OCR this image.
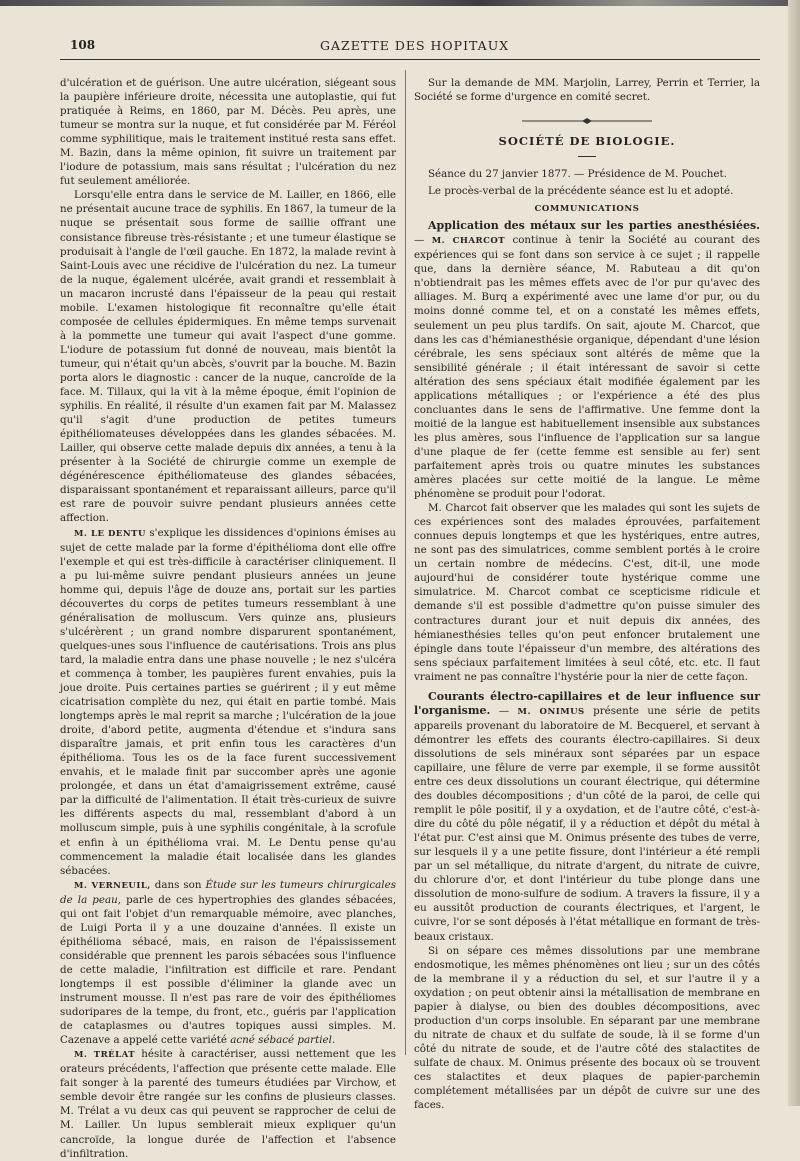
108	GAZETTE DES HOPITAUX

d'ulcération et de guérison. Une autre ulcération, siégeant sous la paupière inférieure droite, nécessita une autoplastie, qui fut pratiquée à Reims, en 1860, par M. Décès. Peu après, une tumeur se montra sur la nuque, et fut considérée par M. Féréol comme syphilitique, mais le traitement institué resta sans effet. M. Bazin, dans la même opinion, fit suivre un traitement par l'iodure de potassium, mais sans résultat ; l'ulcération du nez fut seulement améliorée.

Lorsqu'elle entra dans le service de M. Lailler, en 1866, elle ne présentait aucune trace de syphilis. En 1867, la tumeur de la nuque se présentait sous forme de saillie offrant une consistance fibreuse très-résistante ; et une tumeur élastique se produisait à l'angle de l'œil gauche. En 1872, la malade revint à Saint-Louis avec une récidive de l'ulcération du nez. La tumeur de la nuque, également ulcérée, avait grandi et ressemblait à un macaron incrusté dans l'épaisseur de la peau qui restait mobile. L'examen histologique fit reconnaître qu'elle était composée de cellules épidermiques. En même temps survenait à la pommette une tumeur qui avait l'aspect d'une gomme. L'iodure de potassium fut donné de nouveau, mais bientôt la tumeur, qui n'était qu'un abcès, s'ouvrit par la bouche. M. Bazin porta alors le diagnostic : cancer de la nuque, cancroïde de la face. M. Tillaux, qui la vit à la même époque, émit l'opinion de syphilis. En réalité, il résulte d'un examen fait par M. Malassez qu'il s'agit d'une production de petites tumeurs épithéliomateuses développées dans les glandes sébacées. M. Lailler, qui observe cette malade depuis dix années, a tenu à la présenter à la Société de chirurgie comme un exemple de dégénérescence épithéliomateuse des glandes sébacées, disparaissant spontanément et reparaissant ailleurs, parce qu'il est rare de pouvoir suivre pendant plusieurs années cette affection.

M. LE DENTU s'explique les dissidences d'opinions émises au sujet de cette malade par la forme d'épithélioma dont elle offre l'exemple et qui est très-difficile à caractériser cliniquement. Il a pu lui-même suivre pendant plusieurs années un jeune homme qui, depuis l'âge de douze ans, portait sur les parties découvertes du corps de petites tumeurs ressemblant à une généralisation de molluscum. Vers quinze ans, plusieurs s'ulcérèrent ; un grand nombre disparurent spontanément, quelques-unes sous l'influence de cautérisations. Trois ans plus tard, la maladie entra dans une phase nouvelle ; le nez s'ulcéra et commença à tomber, les paupières furent envahies, puis la joue droite. Puis certaines parties se guérirent ; il y eut même cicatrisation complète du nez, qui était en partie tombé. Mais longtemps après le mal reprit sa marche ; l'ulcération de la joue droite, d'abord petite, augmenta d'étendue et s'indura sans disparaître jamais, et prit enfin tous les caractères d'un épithélioma. Tous les os de la face furent successivement envahis, et le malade finit par succomber après une agonie prolongée, et dans un état d'amaigrissement extrême, causé par la difficulté de l'alimentation. Il était très-curieux de suivre les différents aspects du mal, ressemblant d'abord à un molluscum simple, puis à une syphilis congénitale, à la scrofule et enfin à un épithélioma vrai. M. Le Dentu pense qu'au commencement la maladie était localisée dans les glandes sébacées.

M. VERNEUIL, dans son Étude sur les tumeurs chirurgicales de la peau, parle de ces hypertrophies des glandes sébacées, qui ont fait l'objet d'un remarquable mémoire, avec planches, de Luigi Porta il y a une douzaine d'années. Il existe un épithélioma sébacé, mais, en raison de l'épaississement considérable que prennent les parois sébacées sous l'influence de cette maladie, l'infiltration est difficile et rare. Pendant longtemps il est possible d'éliminer la glande avec un instrument mousse. Il n'est pas rare de voir des épithéliomes sudoripares de la tempe, du front, etc., guéris par l'application de cataplasmes ou d'autres topiques aussi simples. M. Cazenave a appelé cette variété acné sébacé partiel.

M. TRÉLAT hésite à caractériser, aussi nettement que les orateurs précédents, l'affection que présente cette malade. Elle fait songer à la parenté des tumeurs étudiées par Virchow, et semble devoir être rangée sur les confins de plusieurs classes. M. Trélat a vu deux cas qui peuvent se rapprocher de celui de M. Lailler. Un lupus semblerait mieux expliquer qu'un cancroïde, la longue durée de l'affection et l'absence d'infiltration.

Sur la demande de MM. Marjolin, Larrey, Perrin et Terrier, la Société se forme d'urgence en comité secret.

SOCIÉTÉ DE BIOLOGIE.

Séance du 27 janvier 1877. — Présidence de M. Pouchet.

Le procès-verbal de la précédente séance est lu et adopté.

COMMUNICATIONS

Application des métaux sur les parties anesthésiées. — M. CHARCOT continue à tenir la Société au courant des expériences qui se font dans son service à ce sujet ; il rappelle que, dans la dernière séance, M. Rabuteau a dit qu'on n'obtiendrait pas les mêmes effets avec de l'or pur qu'avec des alliages. M. Burq a expérimenté avec une lame d'or pur, ou du moins donné comme tel, et on a constaté les mêmes effets, seulement un peu plus tardifs. On sait, ajoute M. Charcot, que dans les cas d'hémianesthésie organique, dépendant d'une lésion cérébrale, les sens spéciaux sont altérés de même que la sensibilité générale ; il était intéressant de savoir si cette altération des sens spéciaux était modifiée également par les applications métalliques ; or l'expérience a été des plus concluantes dans le sens de l'affirmative. Une femme dont la moitié de la langue est habituellement insensible aux substances les plus amères, sous l'influence de l'application sur sa langue d'une plaque de fer (cette femme est sensible au fer) sent parfaitement après trois ou quatre minutes les substances amères placées sur cette moitié de la langue. Le même phénomène se produit pour l'odorat.

M. Charcot fait observer que les malades qui sont les sujets de ces expériences sont des malades éprouvées, parfaitement connues depuis longtemps et que les hystériques, entre autres, ne sont pas des simulatrices, comme semblent portés à le croire un certain nombre de médecins. C'est, dit-il, une mode aujourd'hui de considérer toute hystérique comme une simulatrice. M. Charcot combat ce scepticisme ridicule et demande s'il est possible d'admettre qu'on puisse simuler des contractures durant jour et nuit depuis dix années, des hémianesthésies telles qu'on peut enfoncer brutalement une épingle dans toute l'épaisseur d'un membre, des altérations des sens spéciaux parfaitement limitées à seul côté, etc. etc. Il faut vraiment ne pas connaître l'hystérie pour la nier de cette façon.

Courants électro-capillaires et de leur influence sur l'organisme. — M. ONIMUS présente une série de petits appareils provenant du laboratoire de M. Becquerel, et servant à démontrer les effets des courants électro-capillaires. Si deux dissolutions de sels minéraux sont séparées par un espace capillaire, une fêlure de verre par exemple, il se forme aussitôt entre ces deux dissolutions un courant électrique, qui détermine des doubles décompositions ; d'un côté de la paroi, de celle qui remplit le pôle positif, il y a oxydation, et de l'autre côté, c'est-à-dire du côté du pôle négatif, il y a réduction et dépôt du métal à l'état pur. C'est ainsi que M. Onimus présente des tubes de verre, sur lesquels il y a une petite fissure, dont l'intérieur a été rempli par un sel métallique, du nitrate d'argent, du nitrate de cuivre, du chlorure d'or, et dont l'intérieur du tube plonge dans une dissolution de mono-sulfure de sodium. A travers la fissure, il y a eu aussitôt production de courants électriques, et l'argent, le cuivre, l'or se sont déposés à l'état métallique en formant de très-beaux cristaux.

Si on sépare ces mêmes dissolutions par une membrane endosmotique, les mêmes phénomènes ont lieu ; sur un des côtés de la membrane il y a réduction du sel, et sur l'autre il y a oxydation ; on peut obtenir ainsi la métallisation de membrane en papier à dialyse, ou bien des doubles décompositions, avec production d'un corps insoluble. En séparant par une membrane du nitrate de chaux et du sulfate de soude, là il se forme d'un côté du nitrate de soude, et de l'autre côté des stalactites de sulfate de chaux. M. Onimus présente des bocaux où se trouvent ces stalactites et deux plaques de papier-parchemin complétement métallisées par un dépôt de cuivre sur une des faces.
